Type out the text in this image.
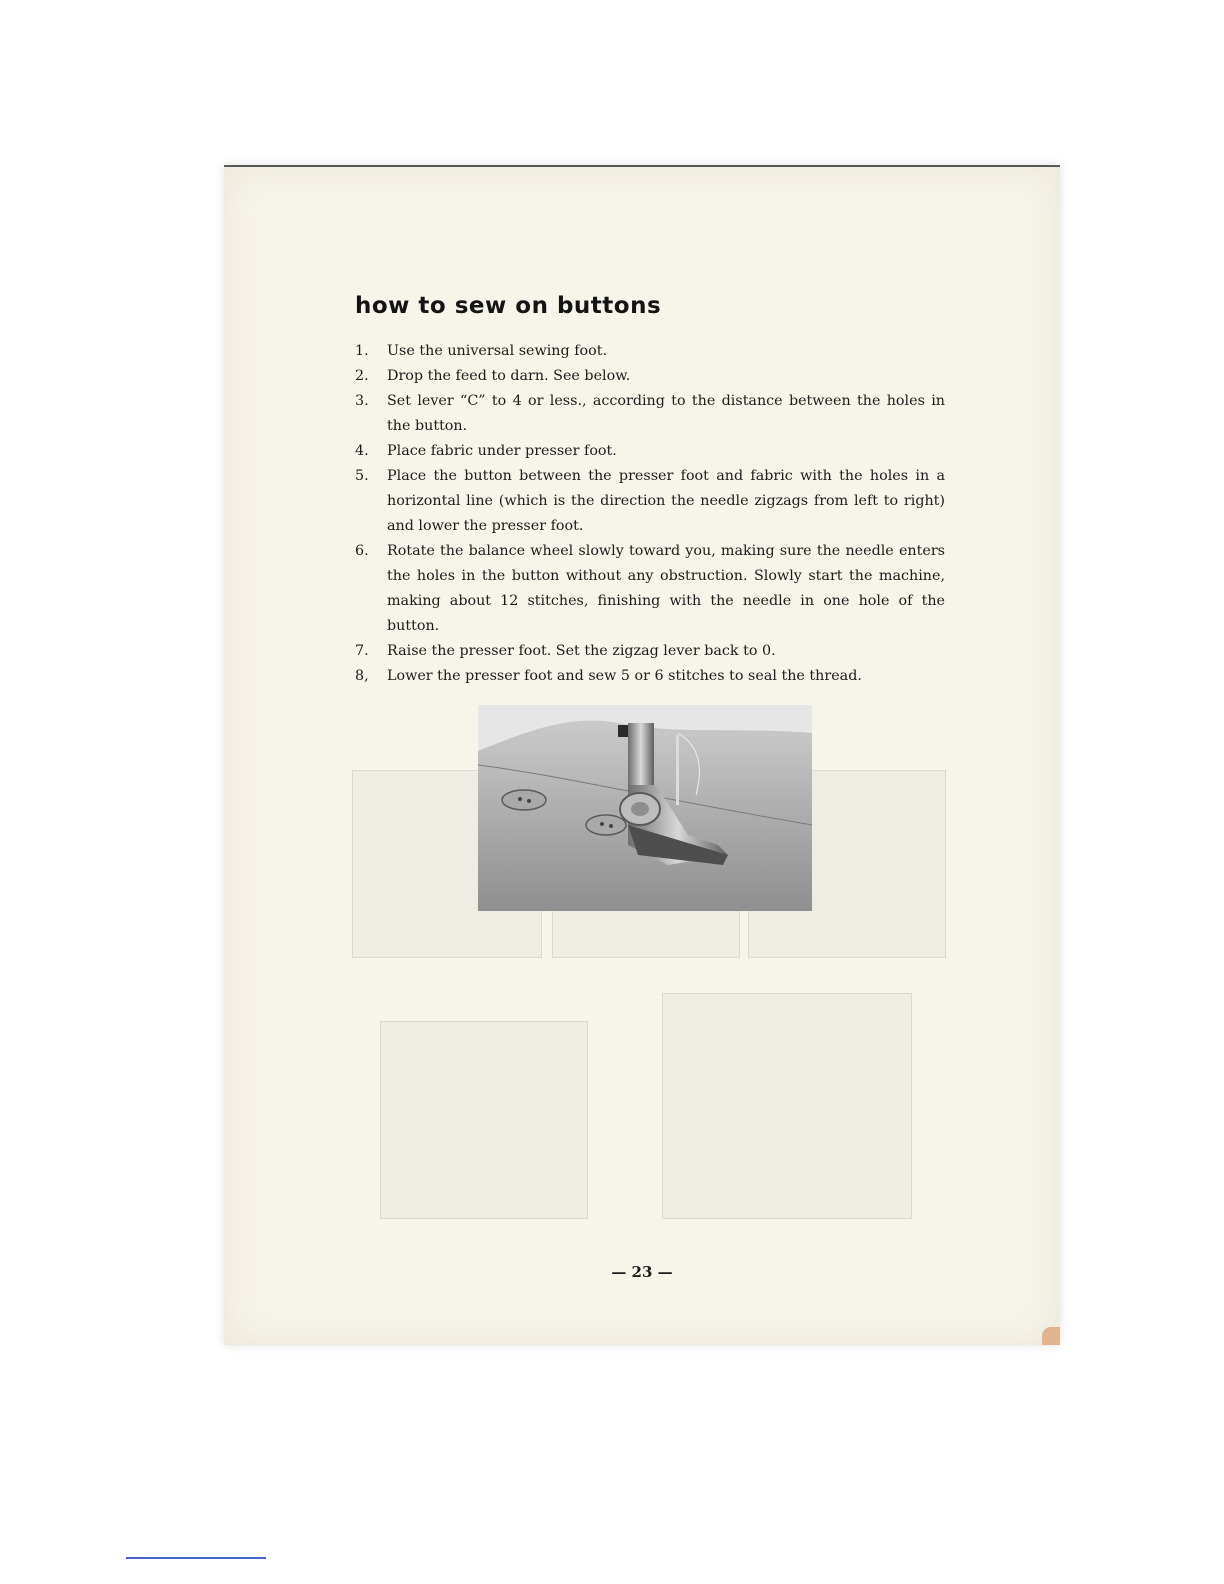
how to sew on buttons
1.	Use the universal sewing foot.
2.	Drop the feed to darn. See below.
3.	Set lever “C” to 4 or less., according to the distance between the holes in the button.
4.	Place fabric under presser foot.
5.	Place the button between the presser foot and fabric with the holes in a horizontal line (which is the direction the needle zigzags from left to right) and lower the presser foot.
6.	Rotate the balance wheel slowly toward you, making sure the needle enters the holes in the button without any obstruction. Slowly start the machine, making about 12 stitches, finishing with the needle in one hole of the button.
7.	Raise the presser foot. Set the zigzag lever back to 0.
8,	Lower the presser foot and sew 5 or 6 stitches to seal the thread.
— 23 —
